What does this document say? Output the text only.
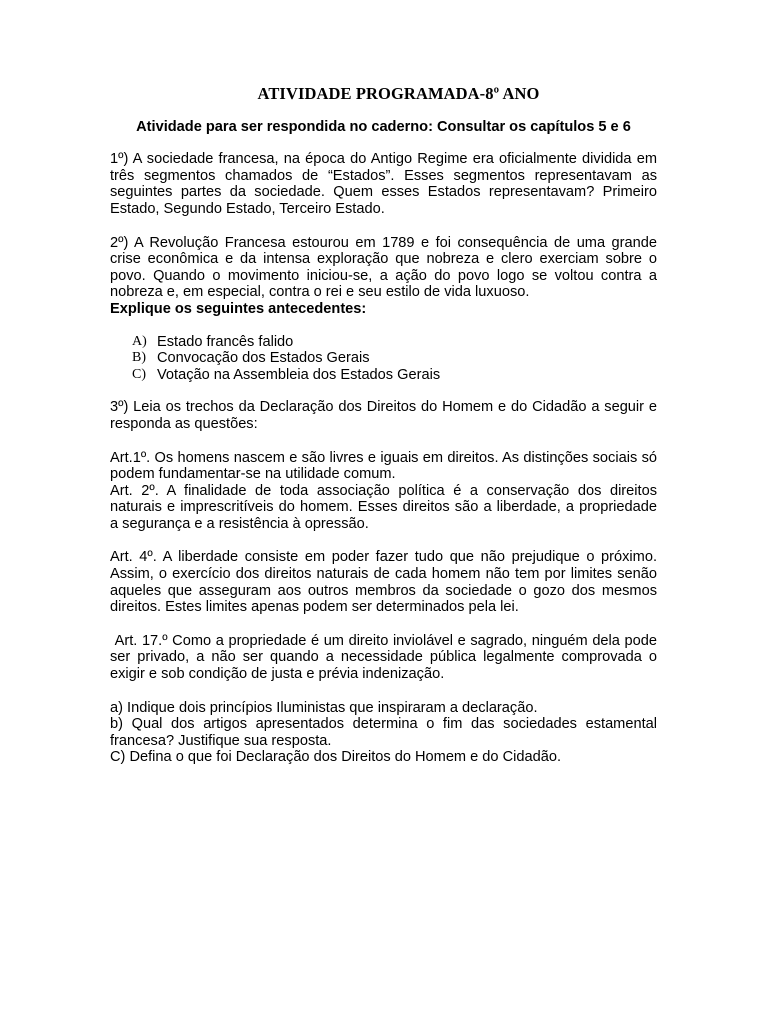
ATIVIDADE PROGRAMADA-8º ANO
Atividade para ser respondida no caderno: Consultar os capítulos 5 e 6

1º) A sociedade francesa, na época do Antigo Regime era oficialmente dividida em três segmentos chamados de “Estados”. Esses segmentos representavam as seguintes partes da sociedade. Quem esses Estados representavam? Primeiro Estado, Segundo Estado, Terceiro Estado.

2º) A Revolução Francesa estourou em 1789 e foi consequência de uma grande crise econômica e da intensa exploração que nobreza e clero exerciam sobre o povo. Quando o movimento iniciou-se, a ação do povo logo se voltou contra a nobreza e, em especial, contra o rei e seu estilo de vida luxuoso.

Explique os seguintes antecedentes:

A) Estado francês falido
B) Convocação dos Estados Gerais
C) Votação na Assembleia dos Estados Gerais

3º) Leia os trechos da Declaração dos Direitos do Homem e do Cidadão a seguir e responda as questões:

Art.1º. Os homens nascem e são livres e iguais em direitos. As distinções sociais só podem fundamentar-se na utilidade comum.

Art. 2º. A finalidade de toda associação política é a conservação dos direitos naturais e imprescritíveis do homem. Esses direitos são a liberdade, a propriedade a segurança e a resistência à opressão.

Art. 4º. A liberdade consiste em poder fazer tudo que não prejudique o próximo. Assim, o exercício dos direitos naturais de cada homem não tem por limites senão aqueles que asseguram aos outros membros da sociedade o gozo dos mesmos direitos. Estes limites apenas podem ser determinados pela lei.

Art. 17.º Como a propriedade é um direito inviolável e sagrado, ninguém dela pode ser privado, a não ser quando a necessidade pública legalmente comprovada o exigir e sob condição de justa e prévia indenização.

a) Indique dois princípios Iluministas que inspiraram a declaração.

b) Qual dos artigos apresentados determina o fim das sociedades estamental francesa? Justifique sua resposta.

C) Defina o que foi Declaração dos Direitos do Homem e do Cidadão.
